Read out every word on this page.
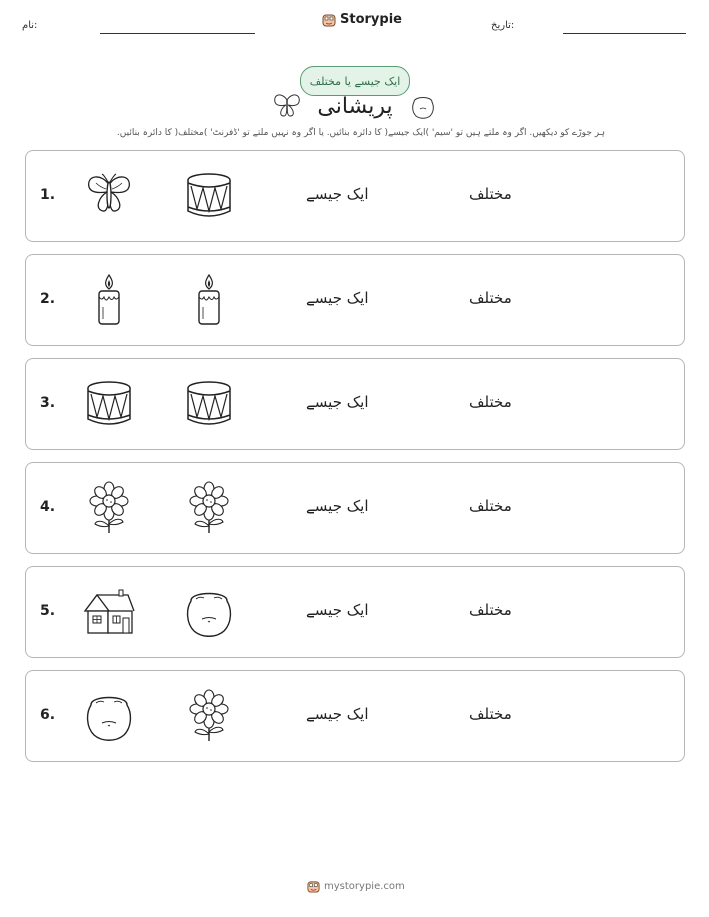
نام:	Storypie	تاریخ:
ایک جیسے یا مختلف
پریشانی
ہر جوڑے کو دیکھیں. اگر وہ ملتے ہیں تو 'سیم' )ایک جیسے( کا دائرہ بنائیں. یا اگر وہ نہیں ملتے تو 'ڈفرنٹ' )مختلف( کا دائرہ بنائیں.
1.	ایک جیسے	مختلف
2.	ایک جیسے	مختلف
3.	ایک جیسے	مختلف
4.	ایک جیسے	مختلف
5.	ایک جیسے	مختلف
6.	ایک جیسے	مختلف
mystorypie.com
